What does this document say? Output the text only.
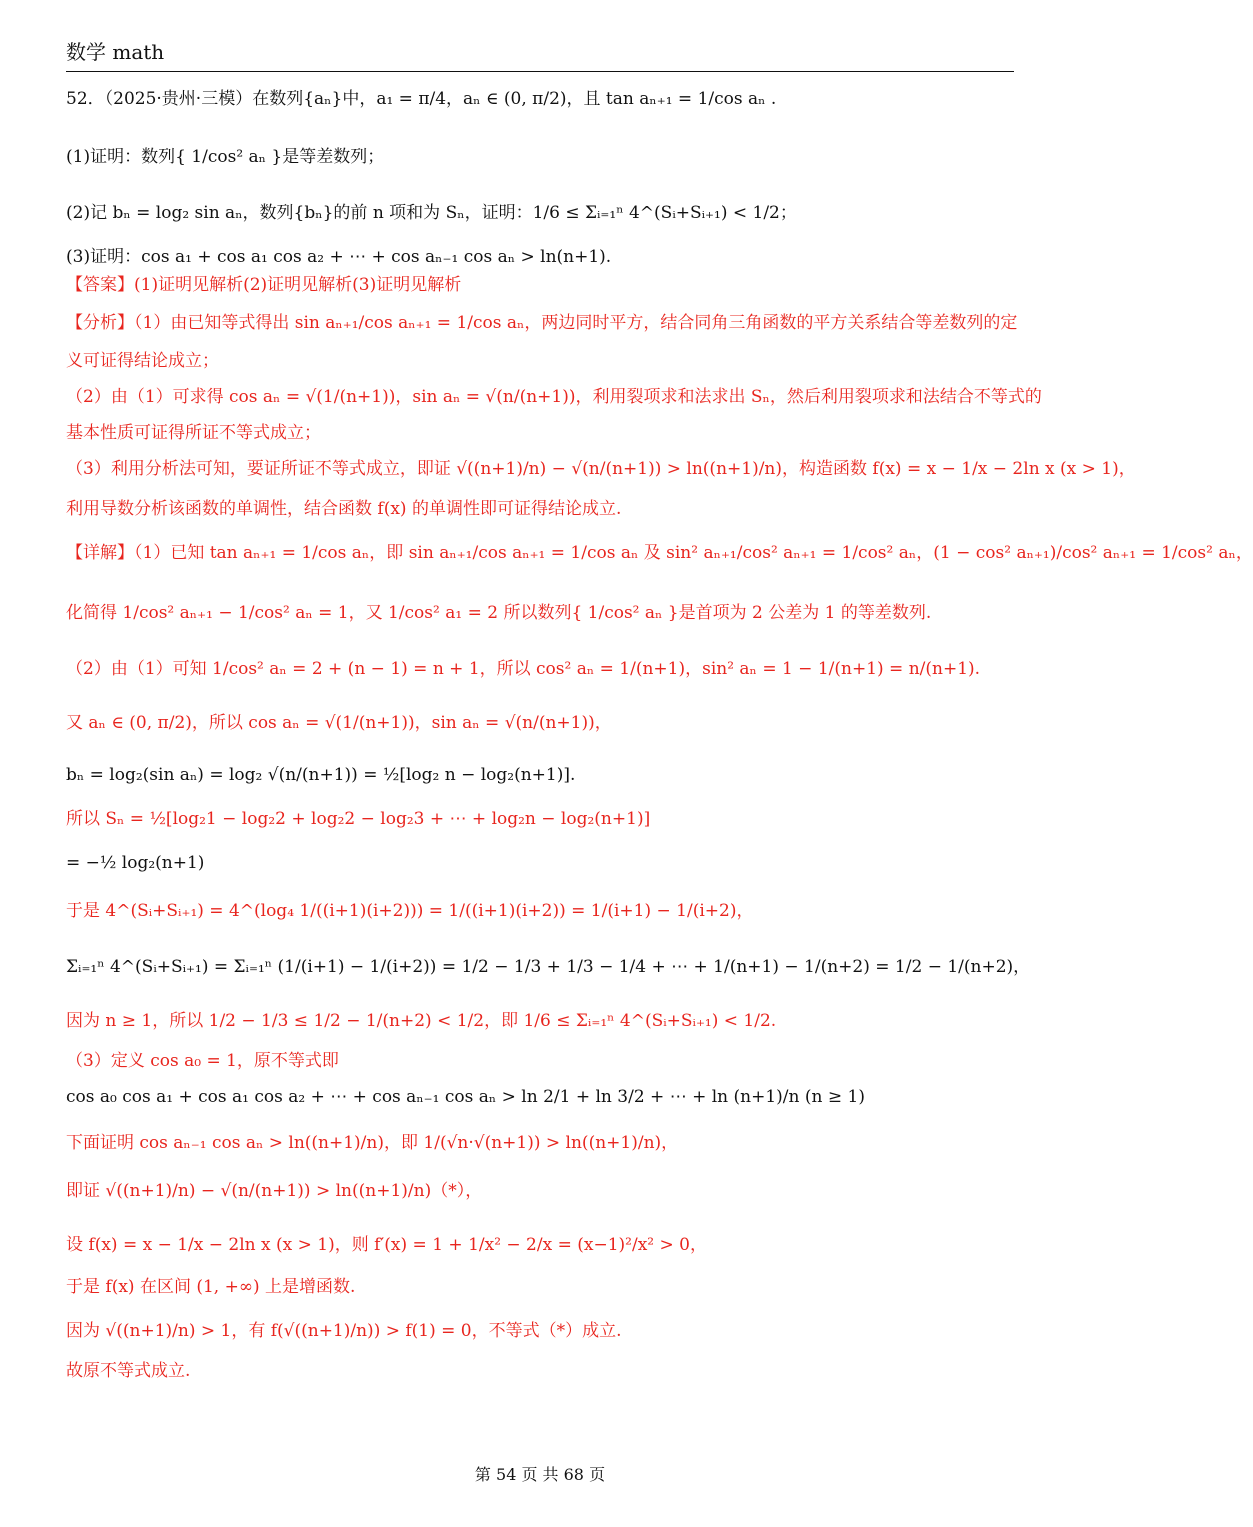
数学 math
52．（2025·贵州·三模）在数列{aₙ}中，a₁ = π/4，aₙ ∈ (0, π/2)，且 tan aₙ₊₁ = 1/cos aₙ .
(1)证明：数列{ 1/cos² aₙ }是等差数列；
(2)记 bₙ = log₂ sin aₙ，数列{bₙ}的前 n 项和为 Sₙ，证明：1/6 ≤ Σᵢ₌₁ⁿ 4^(Sᵢ+Sᵢ₊₁) < 1/2；
(3)证明：cos a₁ + cos a₁ cos a₂ + ⋯ + cos aₙ₋₁ cos aₙ > ln(n+1).
【答案】(1)证明见解析(2)证明见解析(3)证明见解析
【分析】（1）由已知等式得出 sin aₙ₊₁/cos aₙ₊₁ = 1/cos aₙ，两边同时平方，结合同角三角函数的平方关系结合等差数列的定
义可证得结论成立；
（2）由（1）可求得 cos aₙ = √(1/(n+1))，sin aₙ = √(n/(n+1))，利用裂项求和法求出 Sₙ，然后利用裂项求和法结合不等式的
基本性质可证得所证不等式成立；
（3）利用分析法可知，要证所证不等式成立，即证 √((n+1)/n) − √(n/(n+1)) > ln((n+1)/n)，构造函数 f(x) = x − 1/x − 2ln x (x > 1)，
利用导数分析该函数的单调性，结合函数 f(x) 的单调性即可证得结论成立.
【详解】（1）已知 tan aₙ₊₁ = 1/cos aₙ，即 sin aₙ₊₁/cos aₙ₊₁ = 1/cos aₙ 及 sin² aₙ₊₁/cos² aₙ₊₁ = 1/cos² aₙ，(1 − cos² aₙ₊₁)/cos² aₙ₊₁ = 1/cos² aₙ，
化简得 1/cos² aₙ₊₁ − 1/cos² aₙ = 1，又 1/cos² a₁ = 2 所以数列{ 1/cos² aₙ }是首项为 2 公差为 1 的等差数列.
（2）由（1）可知 1/cos² aₙ = 2 + (n − 1) = n + 1，所以 cos² aₙ = 1/(n+1)，sin² aₙ = 1 − 1/(n+1) = n/(n+1).
又 aₙ ∈ (0, π/2)，所以 cos aₙ = √(1/(n+1))，sin aₙ = √(n/(n+1))，
bₙ = log₂(sin aₙ) = log₂ √(n/(n+1)) = ½[log₂ n − log₂(n+1)].
所以 Sₙ = ½[log₂1 − log₂2 + log₂2 − log₂3 + ⋯ + log₂n − log₂(n+1)]
= −½ log₂(n+1)
于是 4^(Sᵢ+Sᵢ₊₁) = 4^(log₄ 1/((i+1)(i+2))) = 1/((i+1)(i+2)) = 1/(i+1) − 1/(i+2)，
Σᵢ₌₁ⁿ 4^(Sᵢ+Sᵢ₊₁) = Σᵢ₌₁ⁿ (1/(i+1) − 1/(i+2)) = 1/2 − 1/3 + 1/3 − 1/4 + ⋯ + 1/(n+1) − 1/(n+2) = 1/2 − 1/(n+2)，
因为 n ≥ 1，所以 1/2 − 1/3 ≤ 1/2 − 1/(n+2) < 1/2，即 1/6 ≤ Σᵢ₌₁ⁿ 4^(Sᵢ+Sᵢ₊₁) < 1/2.
（3）定义 cos a₀ = 1，原不等式即
cos a₀ cos a₁ + cos a₁ cos a₂ + ⋯ + cos aₙ₋₁ cos aₙ > ln 2/1 + ln 3/2 + ⋯ + ln (n+1)/n (n ≥ 1)
下面证明 cos aₙ₋₁ cos aₙ > ln((n+1)/n)，即 1/(√n·√(n+1)) > ln((n+1)/n)，
即证 √((n+1)/n) − √(n/(n+1)) > ln((n+1)/n)（*），
设 f(x) = x − 1/x − 2ln x (x > 1)，则 f′(x) = 1 + 1/x² − 2/x = (x−1)²/x² > 0，
于是 f(x) 在区间 (1, +∞) 上是增函数.
因为 √((n+1)/n) > 1，有 f(√((n+1)/n)) > f(1) = 0，不等式（*）成立.
故原不等式成立.
第 54 页 共 68 页
